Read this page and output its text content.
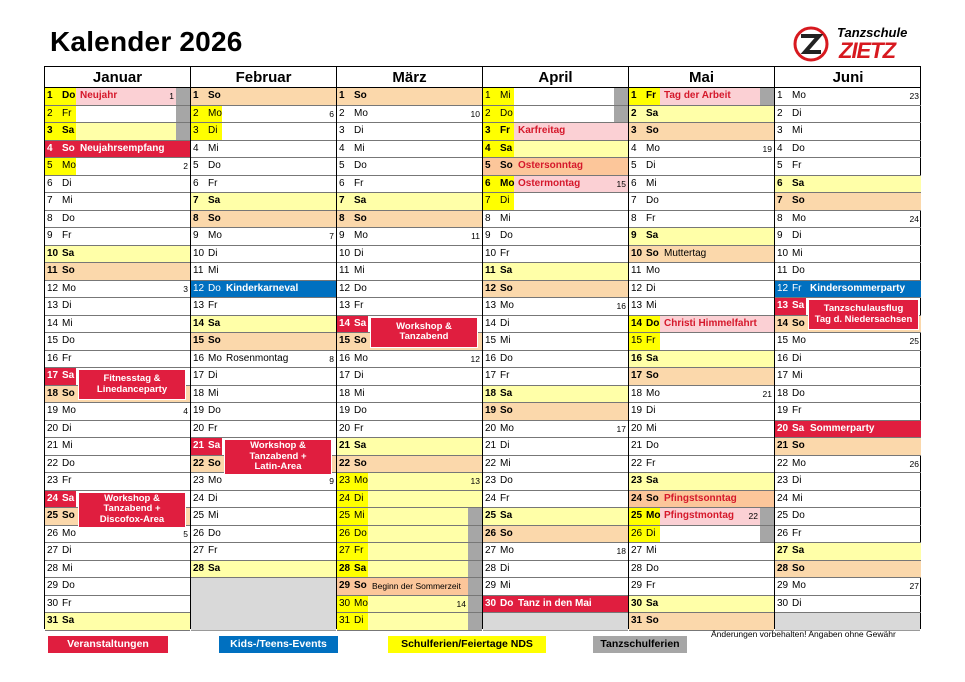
Kalender 2026	Tanzschule
ZIETZ
Januar
1 Do Neujahr	1
2 Fr
3 Sa
4 So Neujahrsempfang
5 Mo	2
6 Di
7 Mi
8 Do
9 Fr
10 Sa
11 So
12 Mo	3
13 Di
14 Mi
15 Do
16 Fr
17 Sa
18 So
19 Mo	4
20 Di
21 Mi
22 Do
23 Fr
24 Sa
25 So
26 Mo	5
27 Di
28 Mi
29 Do
30 Fr
31 Sa
Februar
1 So
2 Mo	6
3 Di
4 Mi
5 Do
6 Fr
7 Sa
8 So
9 Mo	7
10 Di
11 Mi
12 Do Kinderkarneval
13 Fr
14 Sa
15 So
16 Mo Rosenmontag	8
17 Di
18 Mi
19 Do
20 Fr
21 Sa
22 So
23 Mo	9
24 Di
25 Mi
26 Do
27 Fr
28 Sa
März
1 So
2 Mo	10
3 Di
4 Mi
5 Do
6 Fr
7 Sa
8 So
9 Mo	11
10 Di
11 Mi
12 Do
13 Fr
14 Sa
15 So
16 Mo	12
17 Di
18 Mi
19 Do
20 Fr
21 Sa
22 So
23 Mo	13
24 Di
25 Mi
26 Do
27 Fr
28 Sa
29 So Beginn der Sommerzeit
30 Mo	14
31 Di
April
1 Mi
2 Do
3 Fr Karfreitag
4 Sa
5 So Ostersonntag
6 Mo Ostermontag	15
7 Di
8 Mi
9 Do
10 Fr
11 Sa
12 So
13 Mo	16
14 Di
15 Mi
16 Do
17 Fr
18 Sa
19 So
20 Mo	17
21 Di
22 Mi
23 Do
24 Fr
25 Sa
26 So
27 Mo	18
28 Di
29 Mi
30 Do Tanz in den Mai
Mai
1 Fr Tag der Arbeit
2 Sa
3 So
4 Mo	19
5 Di
6 Mi
7 Do
8 Fr
9 Sa
10 So Muttertag
11 Mo
12 Di
13 Mi
14 Do Christi Himmelfahrt
15 Fr
16 Sa
17 So
18 Mo	21
19 Di
20 Mi
21 Do
22 Fr
23 Sa
24 So Pfingstsonntag
25 Mo Pfingstmontag 22
26 Di
27 Mi
28 Do
29 Fr
30 Sa
31 So
Juni
1 Mo	23
2 Di
3 Mi
4 Do
5 Fr
6 Sa
7 So
8 Mo	24
9 Di
10 Mi
11 Do
12 Fr Kindersommerparty
13 Sa
14 So
15 Mo	25
16 Di
17 Mi
18 Do
19 Fr
20 Sa Sommerparty
21 So
22 Mo	26
23 Di
24 Mi
25 Do
26 Fr
27 Sa
28 So
29 Mo	27
30 Di
Veranstaltungen	Kids-/Teens-Events	Schulferien/Feiertage NDS	Tanzschulferien
Änderungen vorbehalten! Angaben ohne Gewähr
Fitnesstag &
Linedanceparty
Workshop &
Tanzabend +
Discofox-Area
Workshop &
Tanzabend +
Latin-Area
Workshop &
Tanzabend
Tanzschulausflug
Tag d. Niedersachsen
